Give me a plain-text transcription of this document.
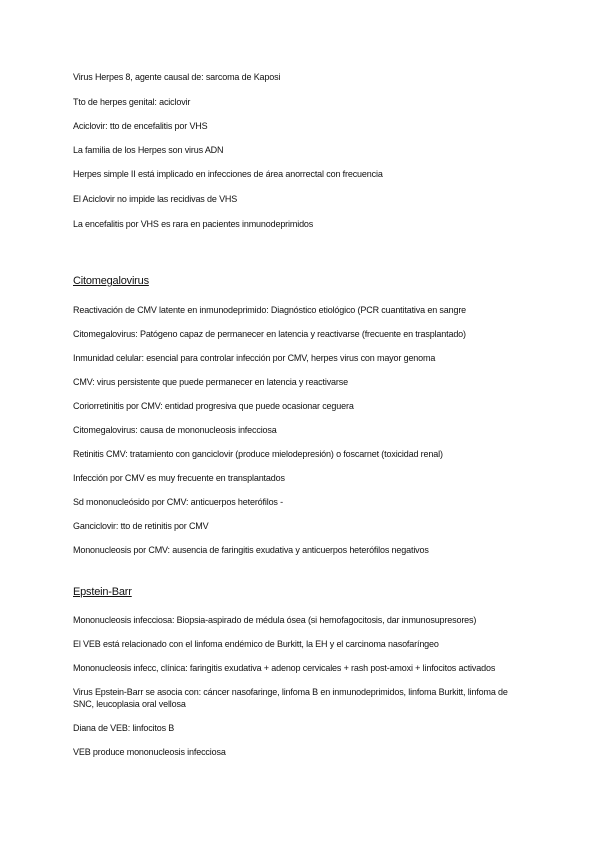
Virus Herpes 8, agente causal de: sarcoma de Kaposi
Tto de herpes genital: aciclovir
Aciclovir: tto de encefalitis por VHS
La familia de los Herpes son virus ADN
Herpes simple II está implicado en infecciones de área anorrectal con frecuencia
El Aciclovir no impide las recidivas de VHS
La encefalitis por VHS es rara en pacientes inmunodeprimidos
Citomegalovirus
Reactivación de CMV latente en inmunodeprimido: Diagnóstico etiológico (PCR cuantitativa en sangre
Citomegalovirus: Patógeno capaz de permanecer en latencia y reactivarse (frecuente en trasplantado)
Inmunidad celular: esencial para controlar infección por CMV, herpes virus con mayor genoma
CMV: virus persistente que puede permanecer en latencia y reactivarse
Coriorretinitis por CMV: entidad progresiva que puede ocasionar ceguera
Citomegalovirus: causa de mononucleosis infecciosa
Retinitis CMV: tratamiento con ganciclovir (produce mielodepresión) o foscarnet (toxicidad renal)
Infección por CMV es muy frecuente en transplantados
Sd mononucleósido por CMV: anticuerpos heterófilos -
Ganciclovir: tto de retinitis por CMV
Mononucleosis por CMV: ausencia de faringitis exudativa y anticuerpos heterófilos negativos
Epstein-Barr
Mononucleosis infecciosa: Biopsia-aspirado de médula ósea (si hemofagocitosis, dar inmunosupresores)
El VEB está relacionado con el linfoma endémico de Burkitt, la EH y el carcinoma nasofaríngeo
Mononucleosis infecc, clínica: faringitis exudativa + adenop cervicales + rash post-amoxi + linfocitos activados
Virus Epstein-Barr se asocia con: cáncer nasofaringe, linfoma B en inmunodeprimidos, linfoma Burkitt, linfoma de SNC, leucoplasia oral vellosa
Diana de VEB: linfocitos B
VEB produce mononucleosis infecciosa
